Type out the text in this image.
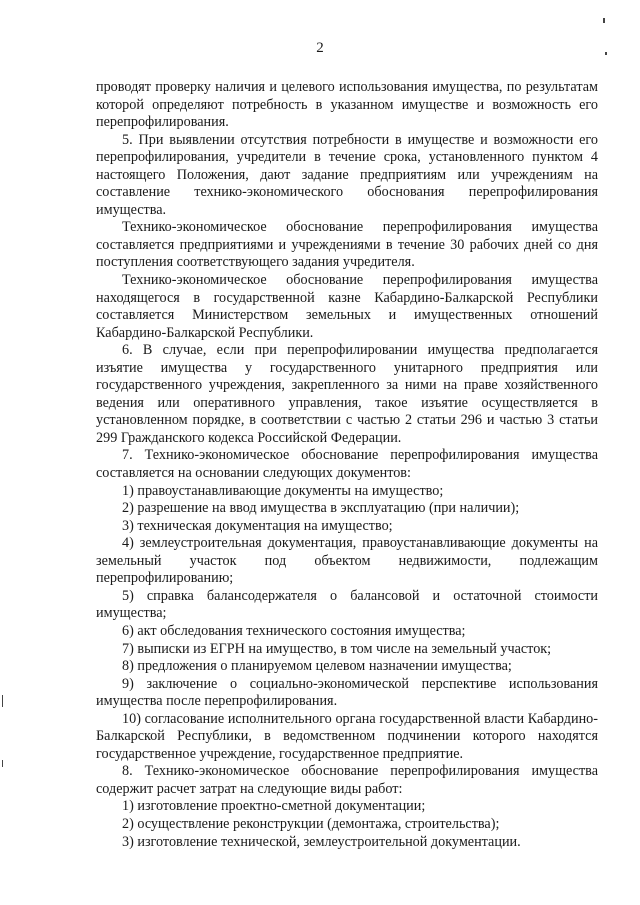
2

проводят проверку наличия и целевого использования имущества, по результатам которой определяют потребность в указанном имуществе и возможность его перепрофилирования.

5. При выявлении отсутствия потребности в имуществе и возможности его перепрофилирования, учредители в течение срока, установленного пунктом 4 настоящего Положения, дают задание предприятиям или учреждениям на составление технико-экономического обоснования перепрофилирования имущества.

Технико-экономическое обоснование перепрофилирования имущества составляется предприятиями и учреждениями в течение 30 рабочих дней со дня поступления соответствующего задания учредителя.

Технико-экономическое обоснование перепрофилирования имущества находящегося в государственной казне Кабардино-Балкарской Республики составляется Министерством земельных и имущественных отношений Кабардино-Балкарской Республики.

6. В случае, если при перепрофилировании имущества предполагается изъятие имущества у государственного унитарного предприятия или государственного учреждения, закрепленного за ними на праве хозяйственного ведения или оперативного управления, такое изъятие осуществляется в установленном порядке, в соответствии с частью 2 статьи 296 и частью 3 статьи 299 Гражданского кодекса Российской Федерации.

7. Технико-экономическое обоснование перепрофилирования имущества составляется на основании следующих документов:

1) правоустанавливающие документы на имущество;

2) разрешение на ввод имущества в эксплуатацию (при наличии);

3) техническая документация на имущество;

4) землеустроительная документация, правоустанавливающие документы на земельный участок под объектом недвижимости, подлежащим перепрофилированию;

5) справка балансодержателя о балансовой и остаточной стоимости имущества;

6) акт обследования технического состояния имущества;

7) выписки из ЕГРН на имущество, в том числе на земельный участок;

8) предложения о планируемом целевом назначении имущества;

9) заключение о социально-экономической перспективе использования имущества после перепрофилирования.

10) согласование исполнительного органа государственной власти Кабардино-Балкарской Республики, в ведомственном подчинении которого находятся государственное учреждение, государственное предприятие.

8. Технико-экономическое обоснование перепрофилирования имущества содержит расчет затрат на следующие виды работ:

1) изготовление проектно-сметной документации;

2) осуществление реконструкции (демонтажа, строительства);

3) изготовление технической, землеустроительной документации.
